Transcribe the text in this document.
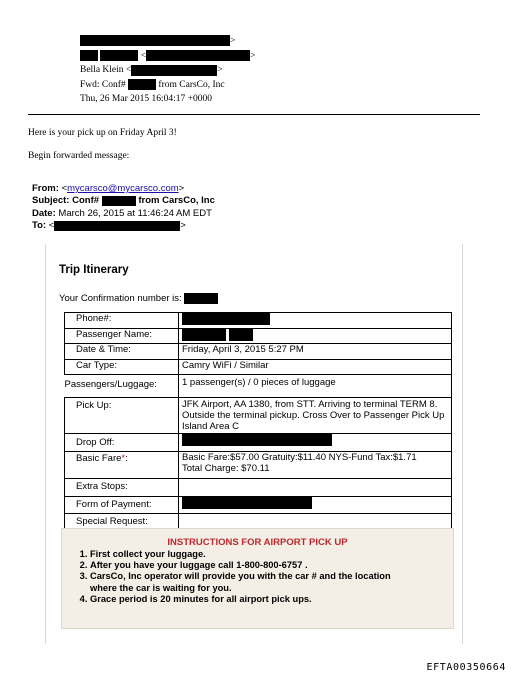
>
<	>
Bella Klein <	>
Fwd: Conf#	from CarsCo, Inc
Thu, 26 Mar 2015 16:04:17 +0000
Here is your pick up on Friday April 3!
Begin forwarded message:
From: <mycarsco@mycarsco.com>
Subject: Conf#	from CarsCo, Inc
Date: March 26, 2015 at 11:46:24 AM EDT
To: <	>
Trip Itinerary
Your Confirmation number is:
Phone#:	
Passenger Name:	
Date & Time:	Friday, April 3, 2015 5:27 PM
Car Type:	Camry WiFi / Similar
Passengers/Luggage:	1 passenger(s) / 0 pieces of luggage
Pick Up:	JFK Airport, AA 1380, from STT. Arriving to terminal TERM 8. Outside the terminal pickup. Cross Over to Passenger Pick Up Island Area C
Drop Off:	
Basic Fare*:	Basic Fare:$57.00 Gratuity:$11.40 NYS-Fund Tax:$1.71
Total Charge: $70.11

Extra Stops:	
Form of Payment:	
Special Request:	
INSTRUCTIONS FOR AIRPORT PICK UP
1. First collect your luggage.
2. After you have your luggage call 1-800-800-6757 .
3. CarsCo, Inc operator will provide you with the car # and the location where the car is waiting for you.
4. Grace period is 20 minutes for all airport pick ups.
EFTA00350664
